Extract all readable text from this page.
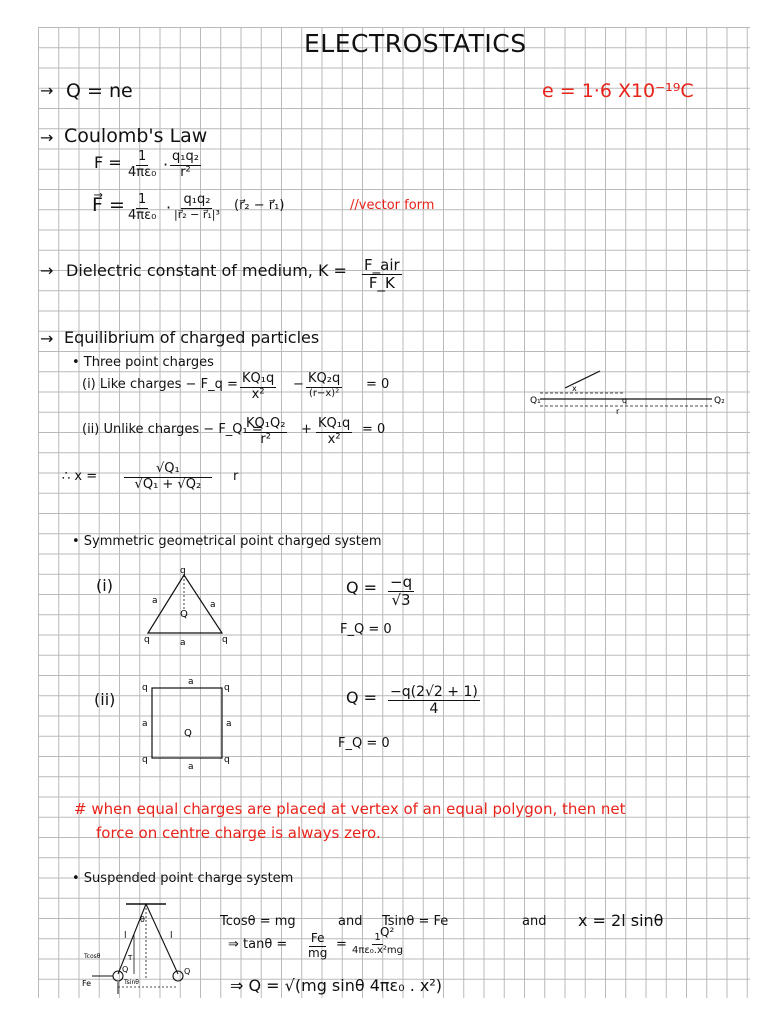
ELECTROSTATICS
→ Q = ne	e = 1·6 X10⁻¹⁹C
→ Coulomb's Law
$F = \frac{1}{\text{4πε₀}} \cdot \frac{\text{q₁q₂}}{\text{r²}}$
F⃗ = $\frac{1}{\text{4πε₀}} \cdot q_1q_2$
|r⃗₂ − r⃗₁|³
(r⃗₂ − r⃗₁)	//vector form
→ Dielectric constant of medium, K = F_air
F_K
→ Equilibrium of charged particles
• Three point charges
(i) Like charges − F_q = $\frac{\text{KQ₁q}}{\text{x²}} - KQ_2q$
(r−x)²
= 0
(ii) Unlike charges − F_Q₁ =
$\frac{\text{KQ₁Q₂}}{\text{r²}} + \frac{\text{KQ₁q}}{\text{x²}} = 0$
∴ $x = \frac{\text{√Q₁}}{\text{√Q₁ + √Q₂}}$ r
Q₁	Q₂
q
x
r
• Symmetric geometrical point charged system
(i)
q
q	q
a	a
a
Q
$Q = \frac{-q}{√3}$
F_Q = 0
(ii)
q	q
q	q
a
a
a	a
Q
$Q = \frac{-q(2√2 + 1)}{4}$
F_Q = 0
# when equal charges are placed at vertex of an equal polygon, then net
force on centre charge is always zero.
• Suspended point charge system
θ
l	l
Tcosθ	T
Fe
Q	Q
Tsinθ
Tcosθ = mg	and Tsinθ = Fe	and x = 2l sinθ
⇒ $\tan\theta = \frac{Fe}{mg} = \frac{1}{\text{4πε₀.x²mg}}$
Q²
⇒ Q = √(mg sinθ 4πε₀ . x²)
